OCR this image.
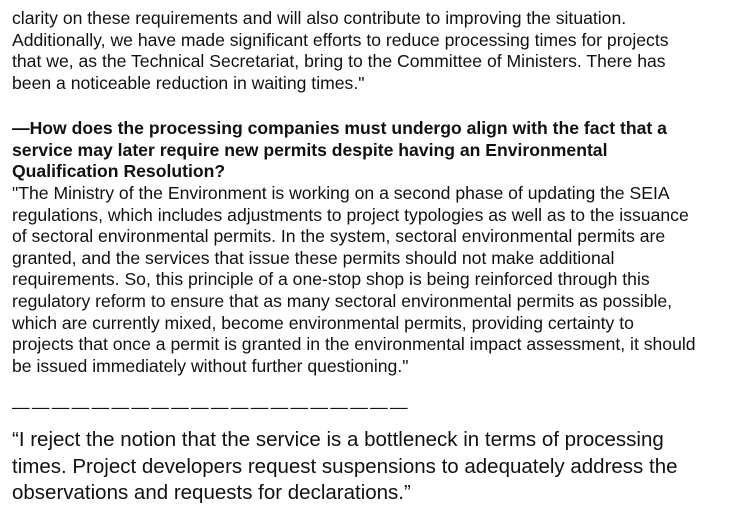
clarity on these requirements and will also contribute to improving the situation.
Additionally, we have made significant efforts to reduce processing times for projects
that we, as the Technical Secretariat, bring to the Committee of Ministers. There has
been a noticeable reduction in waiting times."

—How does the processing companies must undergo align with the fact that a
service may later require new permits despite having an Environmental
Qualification Resolution?

"The Ministry of the Environment is working on a second phase of updating the SEIA
regulations, which includes adjustments to project typologies as well as to the issuance
of sectoral environmental permits. In the system, sectoral environmental permits are
granted, and the services that issue these permits should not make additional
requirements. So, this principle of a one-stop shop is being reinforced through this
regulatory reform to ensure that as many sectoral environmental permits as possible,
which are currently mixed, become environmental permits, providing certainty to
projects that once a permit is granted in the environmental impact assessment, it should
be issued immediately without further questioning."

————————————————————

“I reject the notion that the service is a bottleneck in terms of processing
times. Project developers request suspensions to adequately address the
observations and requests for declarations.”
